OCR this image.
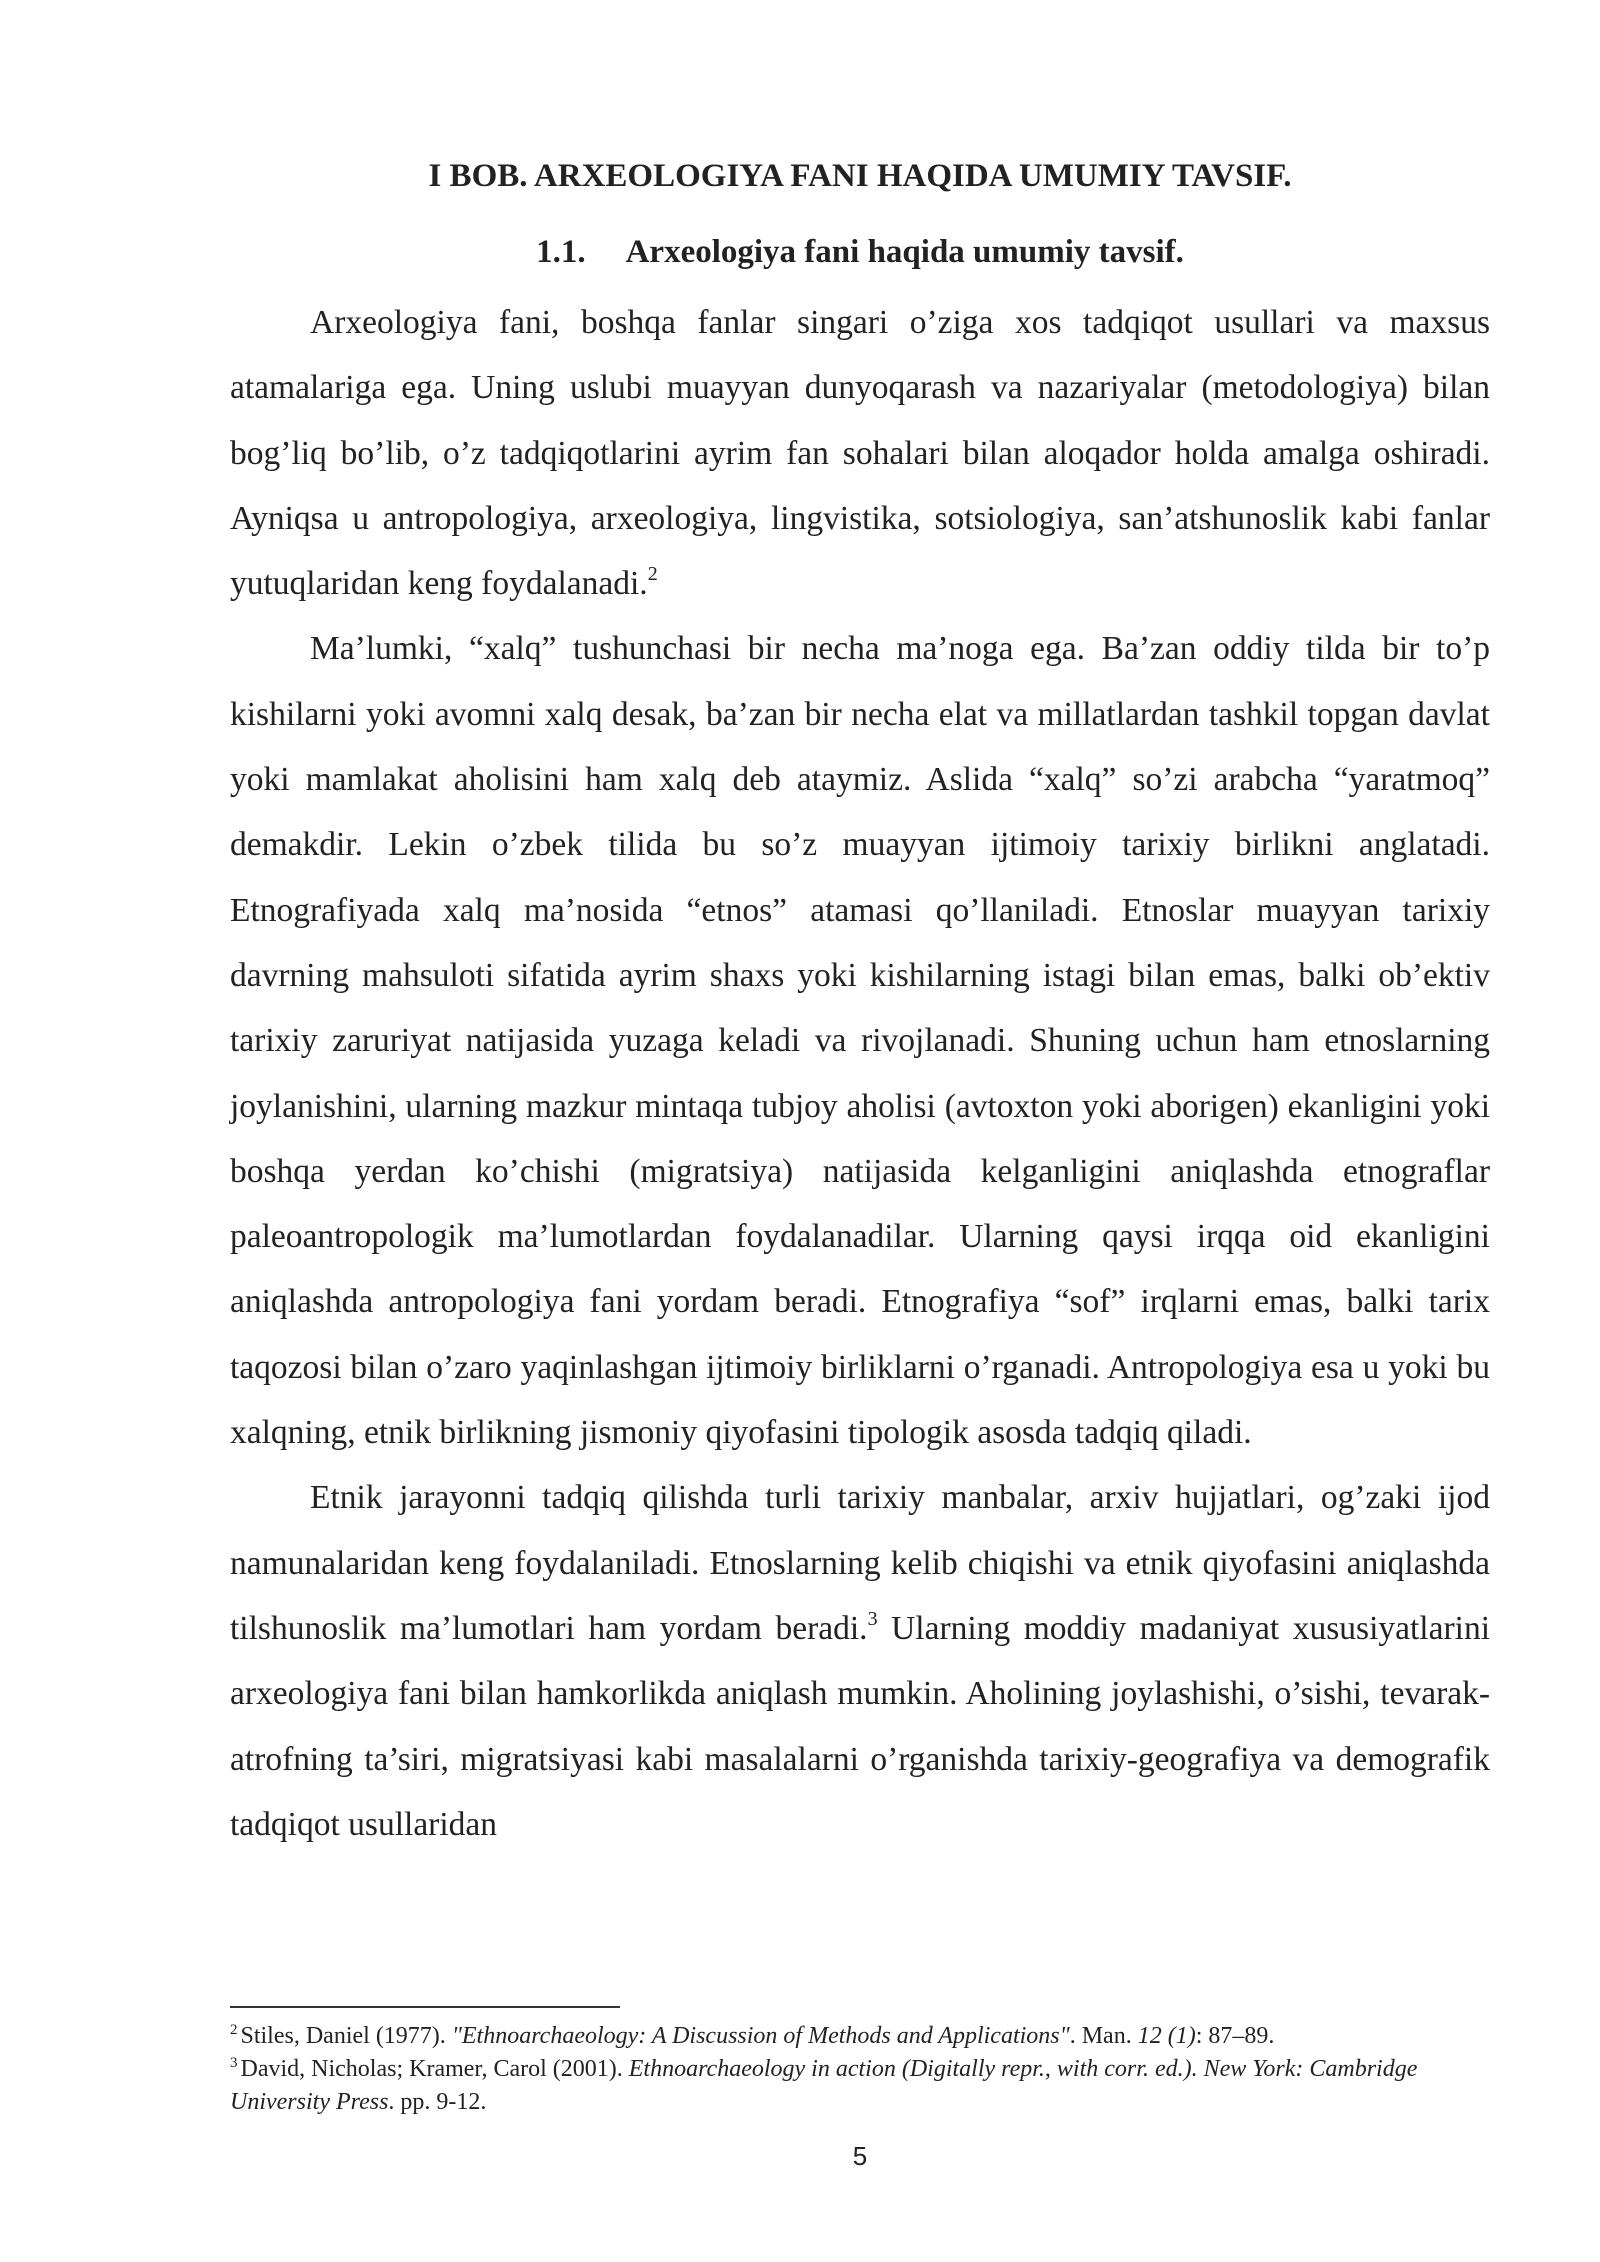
I BOB. ARXEOLOGIYA FANI HAQIDA UMUMIY TAVSIF.
1.1. Arxeologiya fani haqida umumiy tavsif.

Arxeologiya fani, boshqa fanlar singari o’ziga xos tadqiqot usullari va maxsus atamalariga ega. Uning uslubi muayyan dunyoqarash va nazariyalar (metodologiya) bilan bog’liq bo’lib, o’z tadqiqotlarini ayrim fan sohalari bilan aloqador holda amalga oshiradi. Ayniqsa u antropologiya, arxeologiya, lingvistika, sotsiologiya, san’atshunoslik kabi fanlar yutuqlaridan keng foydalanadi.$^2$

Ma’lumki, “xalq” tushunchasi bir necha ma’noga ega. Ba’zan oddiy tilda bir to’p kishilarni yoki avomni xalq desak, ba’zan bir necha elat va millatlardan tashkil topgan davlat yoki mamlakat aholisini ham xalq deb ataymiz. Aslida “xalq” so’zi arabcha “yaratmoq” demakdir. Lekin o’zbek tilida bu so’z muayyan ijtimoiy tarixiy birlikni anglatadi. Etnografiyada xalq ma’nosida “etnos” atamasi qo’llaniladi. Etnoslar muayyan tarixiy davrning mahsuloti sifatida ayrim shaxs yoki kishilarning istagi bilan emas, balki ob’ektiv tarixiy zaruriyat natijasida yuzaga keladi va rivojlanadi. Shuning uchun ham etnoslarning joylanishini, ularning mazkur mintaqa tubjoy aholisi (avtoxton yoki aborigen) ekanligini yoki boshqa yerdan ko’chishi (migratsiya) natijasida kelganligini aniqlashda etnograflar paleoantropologik ma’lumotlardan foydalanadilar. Ularning qaysi irqqa oid ekanligini aniqlashda antropologiya fani yordam beradi. Etnografiya “sof” irqlarni emas, balki tarix taqozosi bilan o’zaro yaqinlashgan ijtimoiy birliklarni o’rganadi. Antropologiya esa u yoki bu xalqning, etnik birlikning jismoniy qiyofasini tipologik asosda tadqiq qiladi.

Etnik jarayonni tadqiq qilishda turli tarixiy manbalar, arxiv hujjatlari, og’zaki ijod namunalaridan keng foydalaniladi. Etnoslarning kelib chiqishi va etnik qiyofasini aniqlashda tilshunoslik ma’lumotlari ham yordam beradi.$^3$ Ularning moddiy madaniyat xususiyatlarini arxeologiya fani bilan hamkorlikda aniqlash mumkin. Aholining joylashishi, o’sishi, tevarak-atrofning ta’siri, migratsiyasi kabi masalalarni o’rganishda tarixiy-geografiya va demografik tadqiqot usullaridan

$^2$ Stiles, Daniel (1977). "Ethnoarchaeology: A Discussion of Methods and Applications". Man. 12 (1): 87–89.

$^3$ David, Nicholas; Kramer, Carol (2001). Ethnoarchaeology in action (Digitally repr., with corr. ed.). New York: Cambridge University Press. pp. 9-12.

5
